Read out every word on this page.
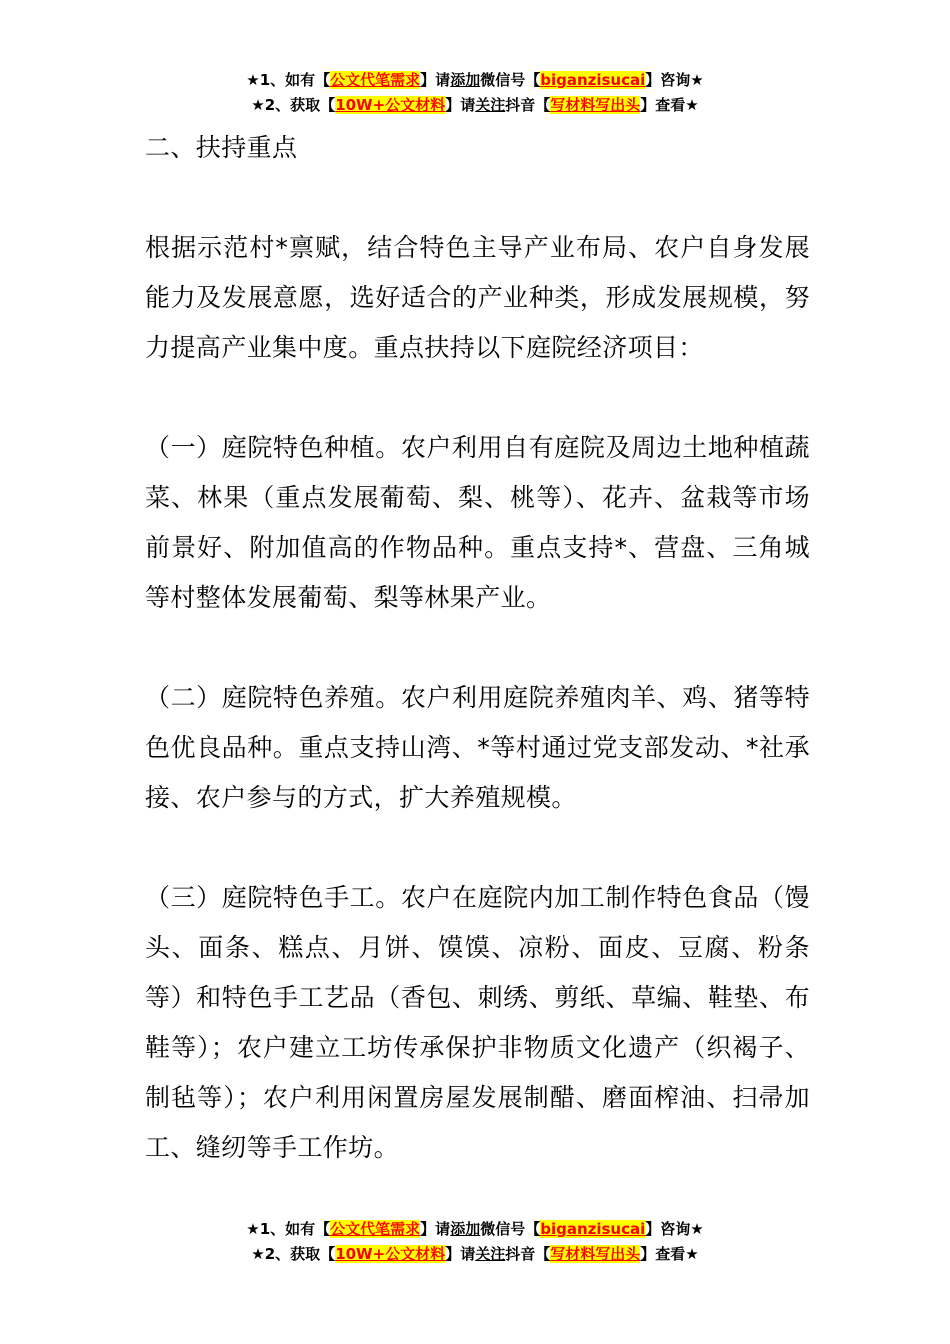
★1、如有【公文代笔需求】请添加微信号【biganzisucai】咨询★
★2、获取【10W+公文材料】请关注抖音【写材料写出头】查看★

二、扶持重点

根据示范村*禀赋，结合特色主导产业布局、农户自身发展能力及发展意愿，选好适合的产业种类，形成发展规模，努力提高产业集中度。重点扶持以下庭院经济项目：

（一）庭院特色种植。农户利用自有庭院及周边土地种植蔬菜、林果（重点发展葡萄、梨、桃等）、花卉、盆栽等市场前景好、附加值高的作物品种。重点支持*、营盘、三角城等村整体发展葡萄、梨等林果产业。

（二）庭院特色养殖。农户利用庭院养殖肉羊、鸡、猪等特色优良品种。重点支持山湾、*等村通过党支部发动、*社承接、农户参与的方式，扩大养殖规模。

（三）庭院特色手工。农户在庭院内加工制作特色食品（馒头、面条、糕点、月饼、馍馍、凉粉、面皮、豆腐、粉条等）和特色手工艺品（香包、刺绣、剪纸、草编、鞋垫、布鞋等）；农户建立工坊传承保护非物质文化遗产（织褐子、制毡等）；农户利用闲置房屋发展制醋、磨面榨油、扫帚加工、缝纫等手工作坊。

★1、如有【公文代笔需求】请添加微信号【biganzisucai】咨询★
★2、获取【10W+公文材料】请关注抖音【写材料写出头】查看★
